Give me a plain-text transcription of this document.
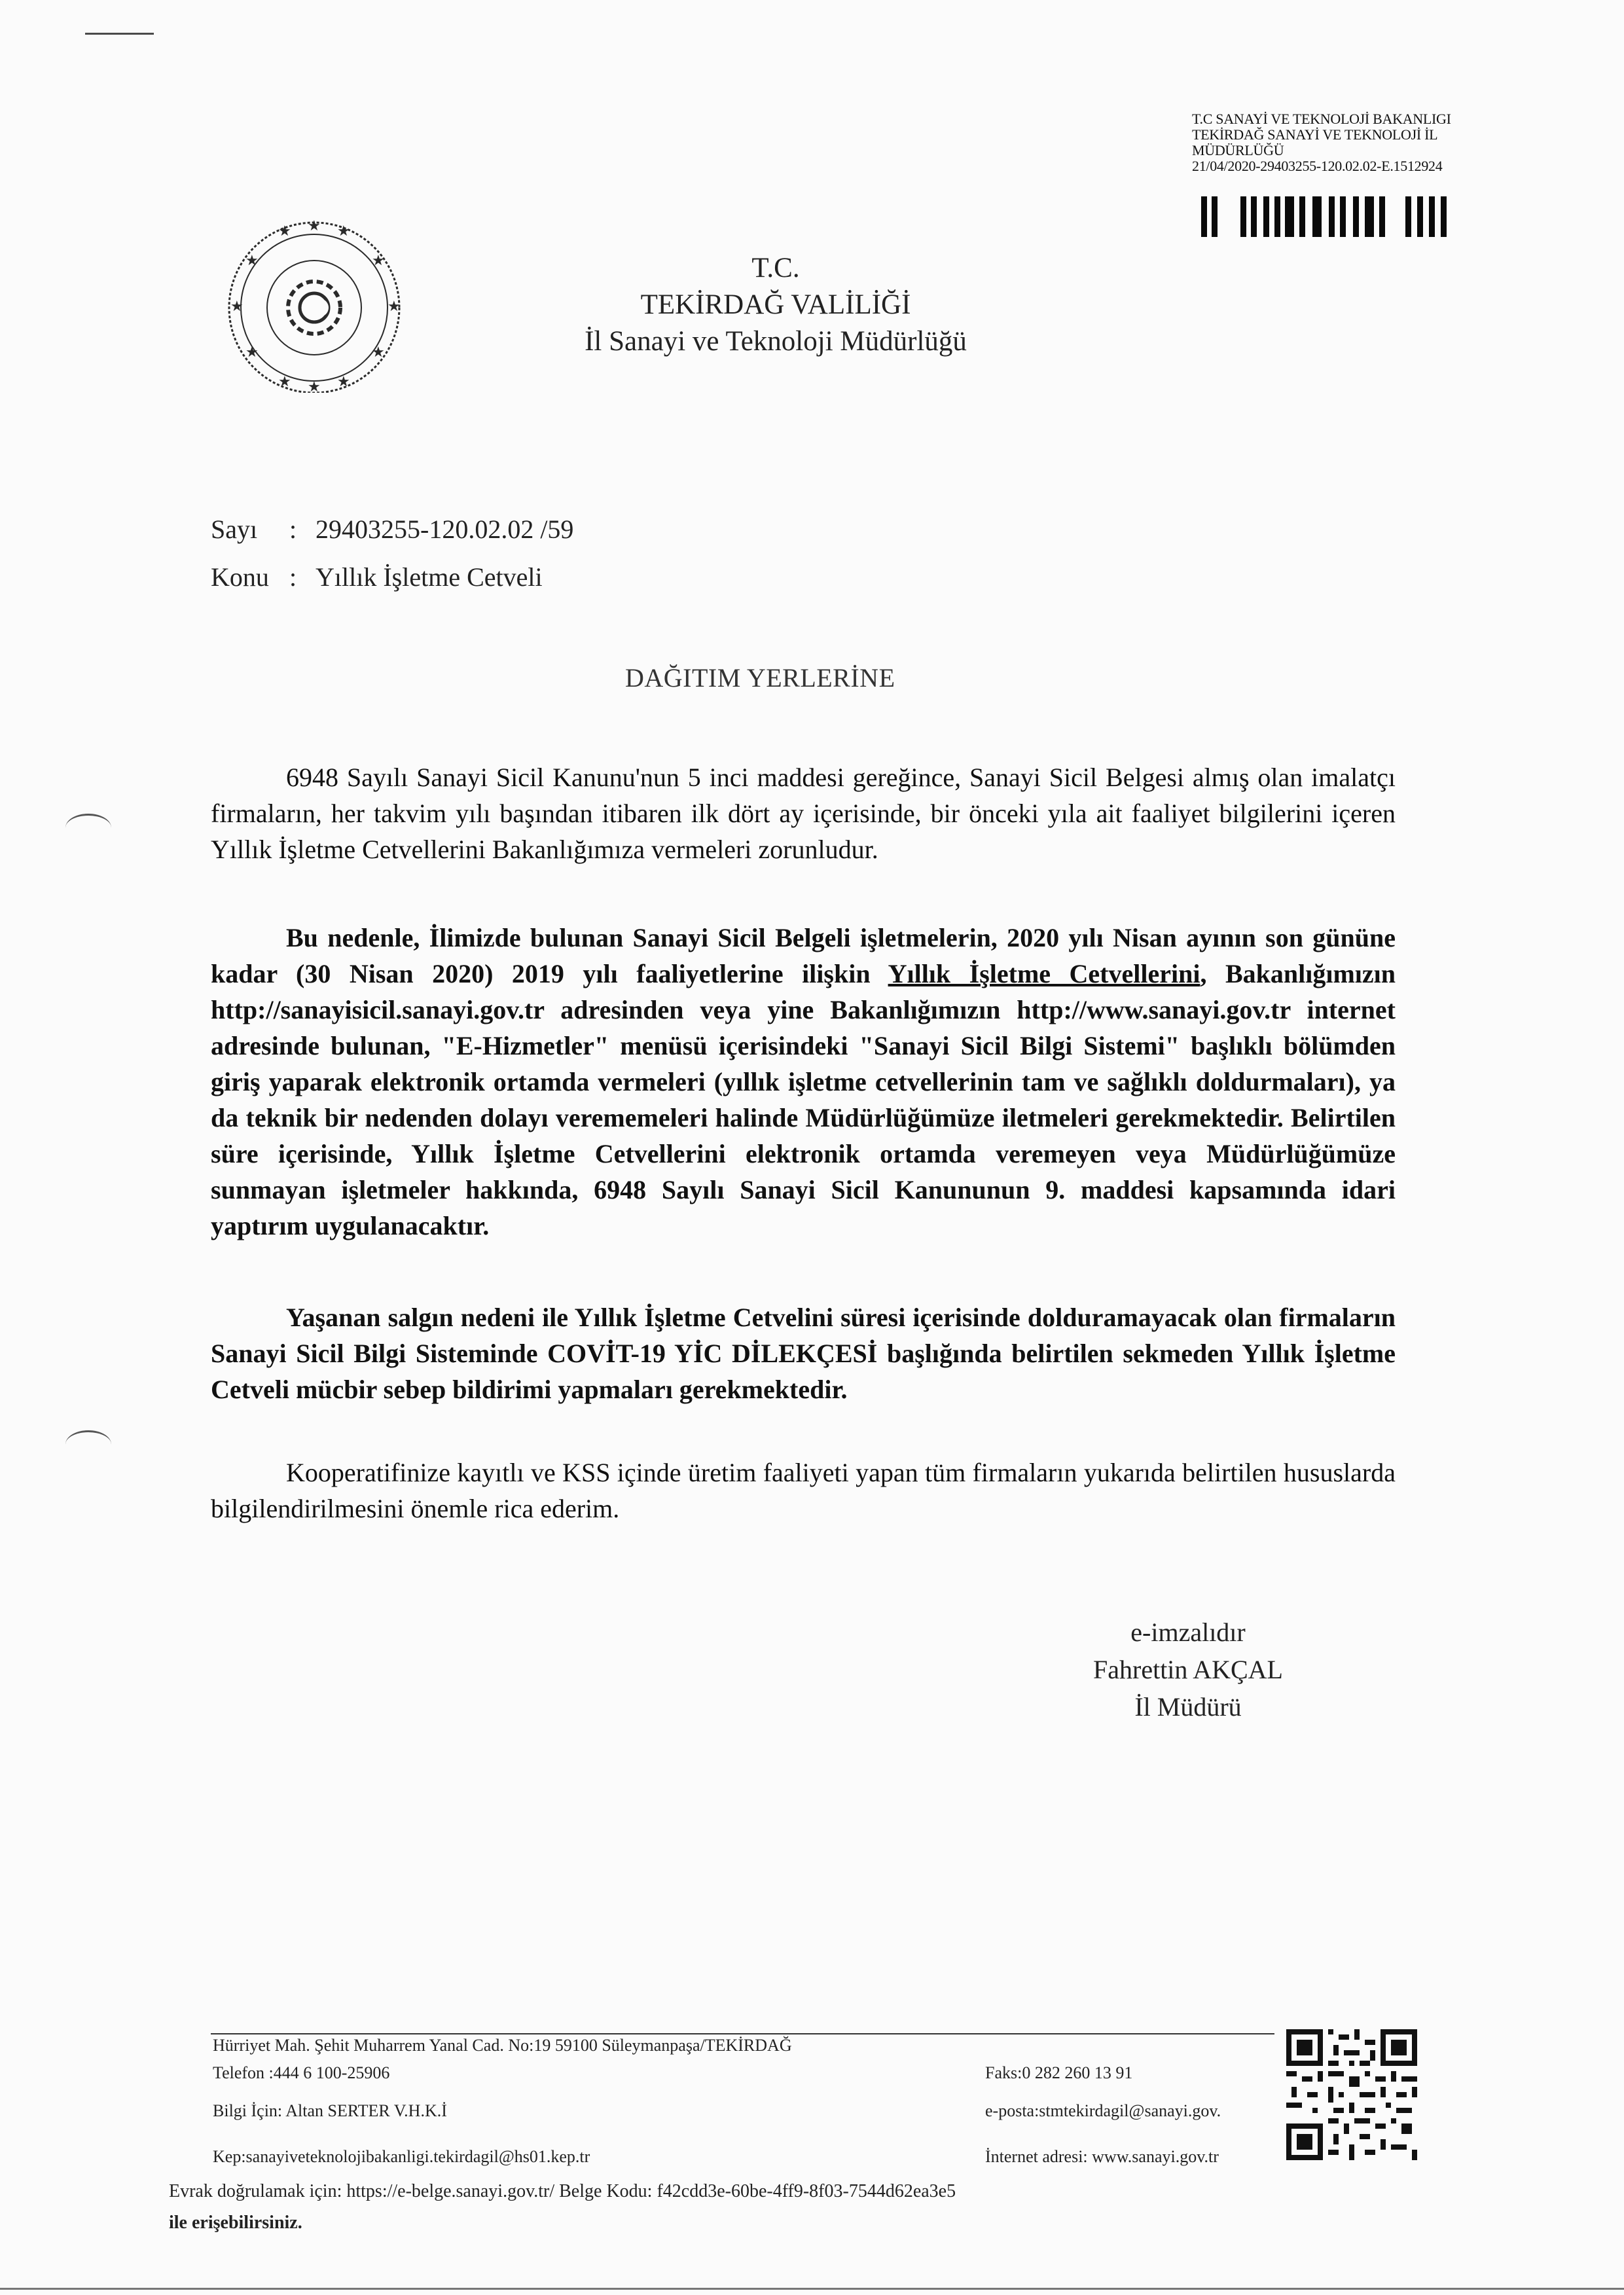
T.C SANAYİ VE TEKNOLOJİ BAKANLIGI
TEKİRDAĞ SANAYİ VE TEKNOLOJİ İL
MÜDÜRLÜĞÜ
21/04/2020-29403255-120.02.02-E.1512924
★ ★ ★
★	★
★	★
★	★
★ ★ ★
T.C.
TEKİRDAĞ VALİLİĞİ
İl Sanayi ve Teknoloji Müdürlüğü
Sayı : 29403255-120.02.02 /59
Konu : Yıllık İşletme Cetveli
DAĞITIM YERLERİNE
6948 Sayılı Sanayi Sicil Kanunu'nun 5 inci maddesi gereğince, Sanayi Sicil Belgesi almış olan imalatçı firmaların, her takvim yılı başından itibaren ilk dört ay içerisinde, bir önceki yıla ait faaliyet bilgilerini içeren Yıllık İşletme Cetvellerini Bakanlığımıza vermeleri zorunludur.
Bu nedenle, İlimizde bulunan Sanayi Sicil Belgeli işletmelerin, 2020 yılı Nisan ayının son gününe kadar (30 Nisan 2020) 2019 yılı faaliyetlerine ilişkin Yıllık İşletme Cetvellerini, Bakanlığımızın http://sanayisicil.sanayi.gov.tr adresinden veya yine Bakanlığımızın http://www.sanayi.gov.tr internet adresinde bulunan, "E-Hizmetler" menüsü içerisindeki "Sanayi Sicil Bilgi Sistemi" başlıklı bölümden giriş yaparak elektronik ortamda vermeleri (yıllık işletme cetvellerinin tam ve sağlıklı doldurmaları), ya da teknik bir nedenden dolayı verememeleri halinde Müdürlüğümüze iletmeleri gerekmektedir. Belirtilen süre içerisinde, Yıllık İşletme Cetvellerini elektronik ortamda veremeyen veya Müdürlüğümüze sunmayan işletmeler hakkında, 6948 Sayılı Sanayi Sicil Kanununun 9. maddesi kapsamında idari yaptırım uygulanacaktır.
Yaşanan salgın nedeni ile Yıllık İşletme Cetvelini süresi içerisinde dolduramayacak olan firmaların Sanayi Sicil Bilgi Sisteminde COVİT-19 YİC DİLEKÇESİ başlığında belirtilen sekmeden Yıllık İşletme Cetveli mücbir sebep bildirimi yapmaları gerekmektedir.
Kooperatifinize kayıtlı ve KSS içinde üretim faaliyeti yapan tüm firmaların yukarıda belirtilen hususlarda bilgilendirilmesini önemle rica ederim.
e-imzalıdır
Fahrettin AKÇAL
İl Müdürü
Hürriyet Mah. Şehit Muharrem Yanal Cad. No:19 59100 Süleymanpaşa/TEKİRDAĞ
Telefon :444 6 100-25906	Faks:0 282 260 13 91
Bilgi İçin: Altan SERTER V.H.K.İ	e-posta:stmtekirdagil@sanayi.gov.
Kep:sanayiveteknolojibakanligi.tekirdagil@hs01.kep.tr	İnternet adresi: www.sanayi.gov.tr
Evrak doğrulamak için: https://e-belge.sanayi.gov.tr/ Belge Kodu: f42cdd3e-60be-4ff9-8f03-7544d62ea3e5
ile erişebilirsiniz.
